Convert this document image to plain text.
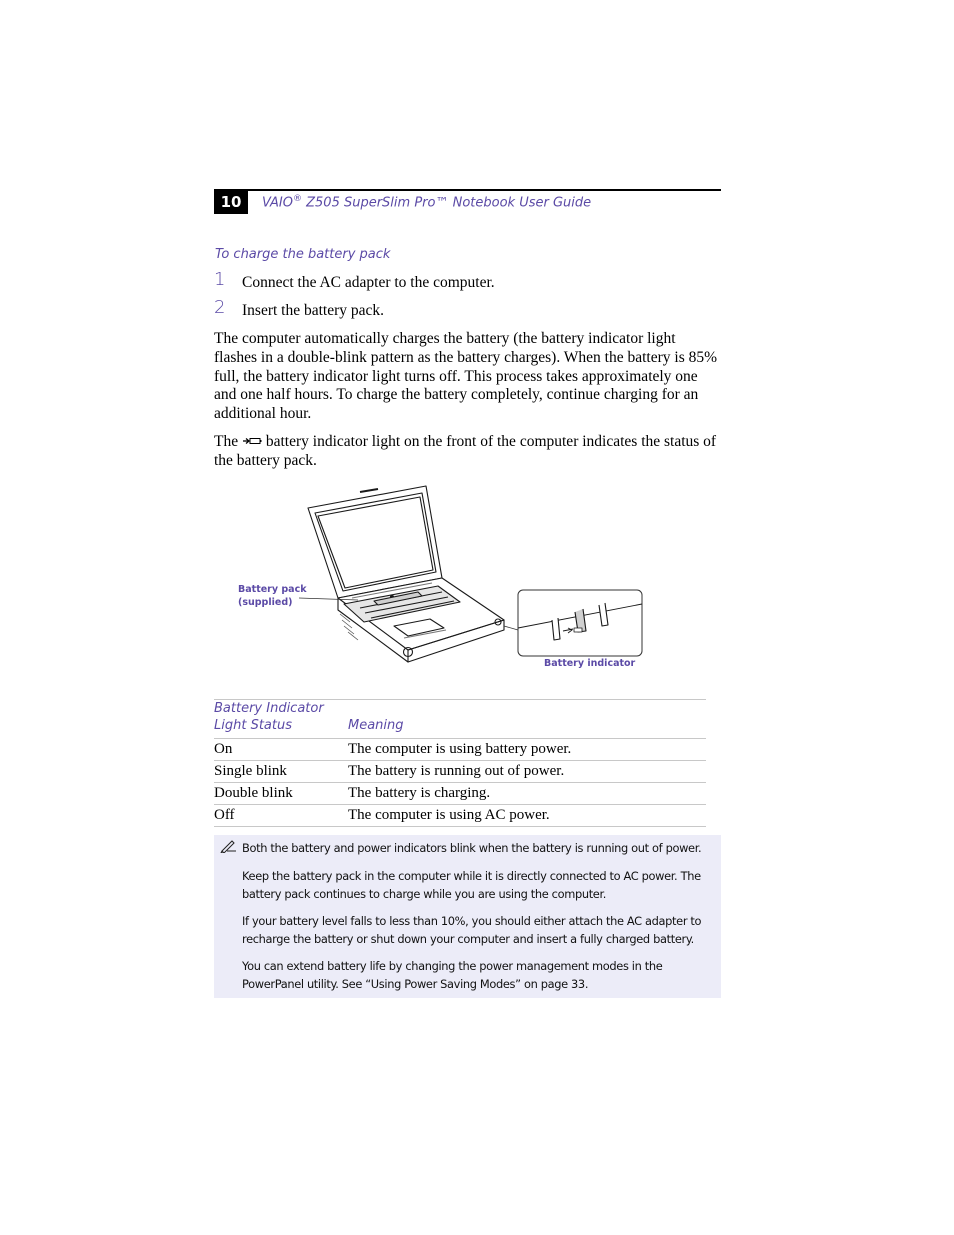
10	VAIO® Z505 SuperSlim Pro™ Notebook User Guide
To charge the battery pack
1 Connect the AC adapter to the computer.
2 Insert the battery pack.
The computer automatically charges the battery (the battery indicator light flashes in a double-blink pattern as the battery charges). When the battery is 85% full, the battery indicator light turns off. This process takes approximately one and one half hours. To charge the battery completely, continue charging for an additional hour.
The  battery indicator light on the front of the computer indicates the status of the battery pack.
Battery pack
(supplied)
Battery indicator
Battery Indicator
Light Status	Meaning
On	The computer is using battery power.
Single blink	The battery is running out of power.
Double blink	The battery is charging.
Off	The computer is using AC power.
Both the battery and power indicators blink when the battery is running out of power.
Keep the battery pack in the computer while it is directly connected to AC power. The battery pack continues to charge while you are using the computer.
If your battery level falls to less than 10%, you should either attach the AC adapter to recharge the battery or shut down your computer and insert a fully charged battery.
You can extend battery life by changing the power management modes in the PowerPanel utility. See “Using Power Saving Modes” on page 33.
